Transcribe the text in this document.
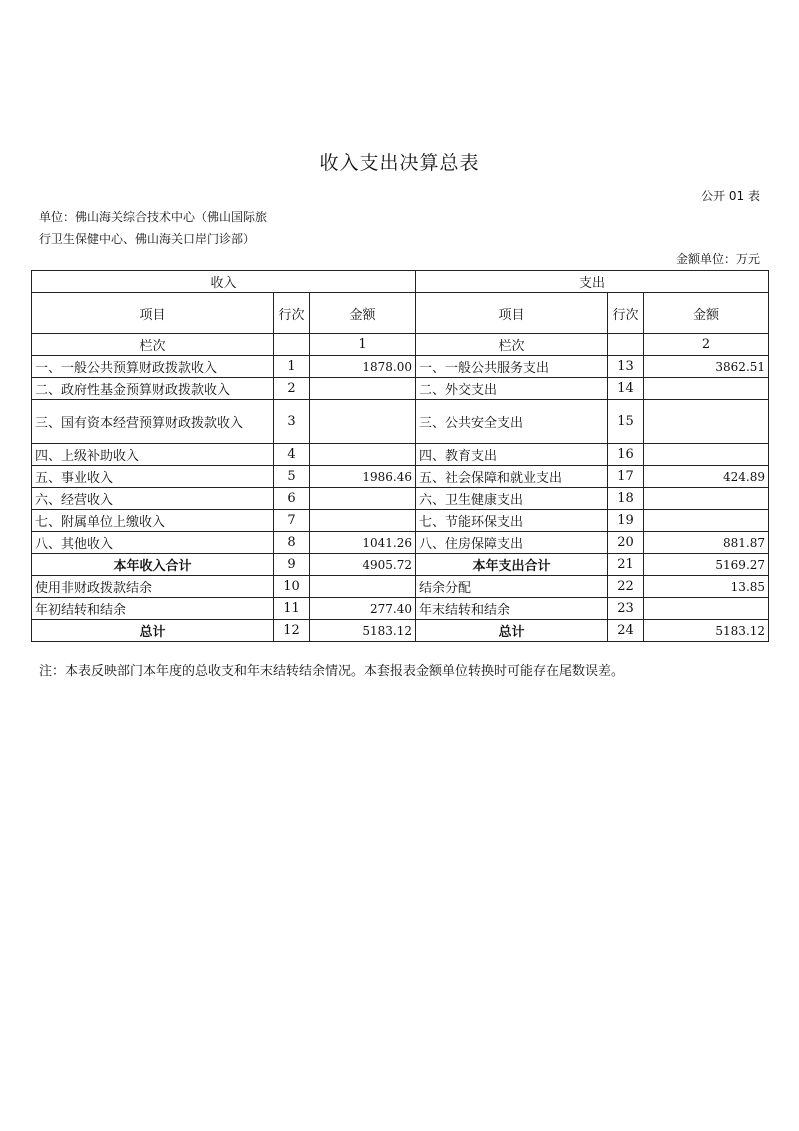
收入支出决算总表
公开 01 表
单位：佛山海关综合技术中心（佛山国际旅行卫生保健中心、佛山海关口岸门诊部）
金额单位：万元
收入			支出		
项目	行次	金额	项目	行次	金额
栏次		1	栏次		2
一、一般公共预算财政拨款收入	1	1878.00	一、一般公共服务支出	13	3862.51
二、政府性基金预算财政拨款收入	2		二、外交支出	14	
三、国有资本经营预算财政拨款收入	3		三、公共安全支出	15	
四、上级补助收入	4		四、教育支出	16	
五、事业收入	5	1986.46	五、社会保障和就业支出	17	424.89
六、经营收入	6		六、卫生健康支出	18	
七、附属单位上缴收入	7		七、节能环保支出	19	
八、其他收入	8	1041.26	八、住房保障支出	20	881.87
本年收入合计	9	4905.72	本年支出合计	21	5169.27
使用非财政拨款结余	10		结余分配	22	13.85
年初结转和结余	11	277.40	年末结转和结余	23	
总计	12	5183.12	总计	24	5183.12
注：本表反映部门本年度的总收支和年末结转结余情况。本套报表金额单位转换时可能存在尾数误差。
